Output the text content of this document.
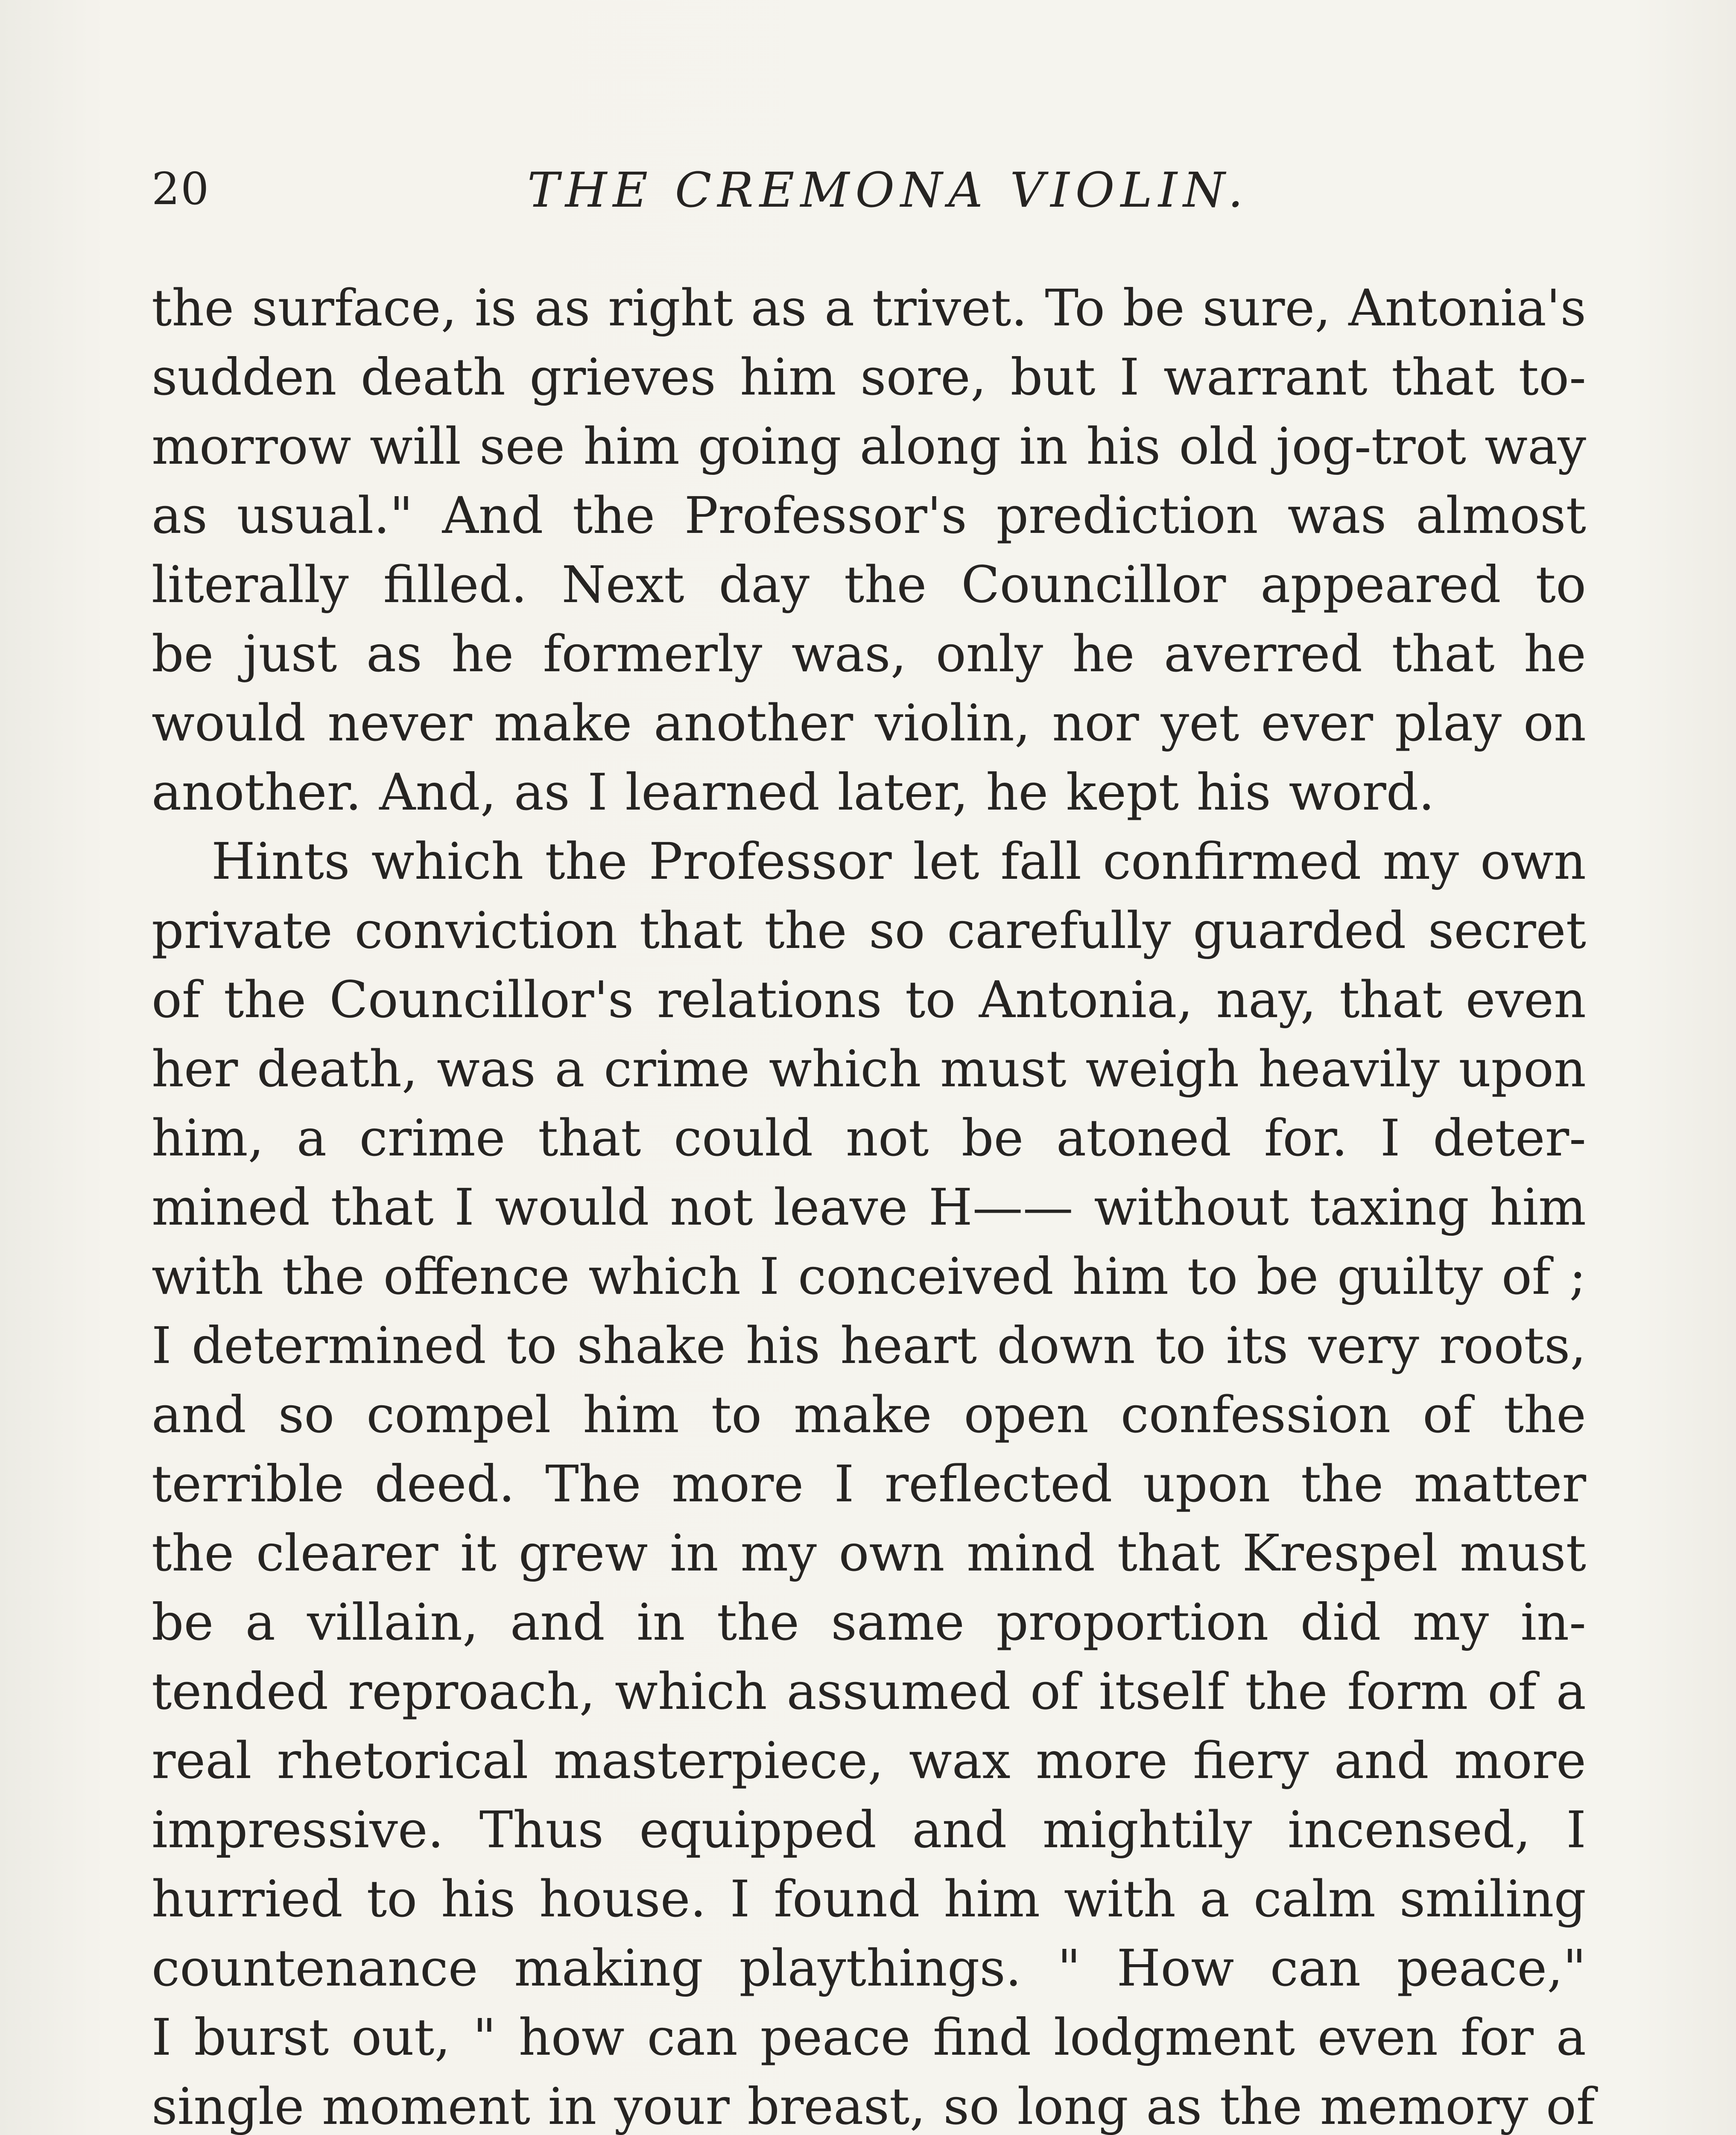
20	THE CREMONA VIOLIN.
the surface, is as right as a trivet. To be sure, Antonia's
sudden death grieves him sore, but I warrant that to-
morrow will see him going along in his old jog-trot way
as usual." And the Professor's prediction was almost
literally filled. Next day the Councillor appeared to
be just as he formerly was, only he averred that he
would never make another violin, nor yet ever play on
another. And, as I learned later, he kept his word.
Hints which the Professor let fall confirmed my own
private conviction that the so carefully guarded secret
of the Councillor's relations to Antonia, nay, that even
her death, was a crime which must weigh heavily upon
him, a crime that could not be atoned for. I deter-
mined that I would not leave H—— without taxing him
with the offence which I conceived him to be guilty of ;
I determined to shake his heart down to its very roots,
and so compel him to make open confession of the
terrible deed. The more I reflected upon the matter
the clearer it grew in my own mind that Krespel must
be a villain, and in the same proportion did my in-
tended reproach, which assumed of itself the form of a
real rhetorical masterpiece, wax more fiery and more
impressive. Thus equipped and mightily incensed, I
hurried to his house. I found him with a calm smiling
countenance making playthings. " How can peace,"
I burst out, " how can peace find lodgment even for a
single moment in your breast, so long as the memory of
